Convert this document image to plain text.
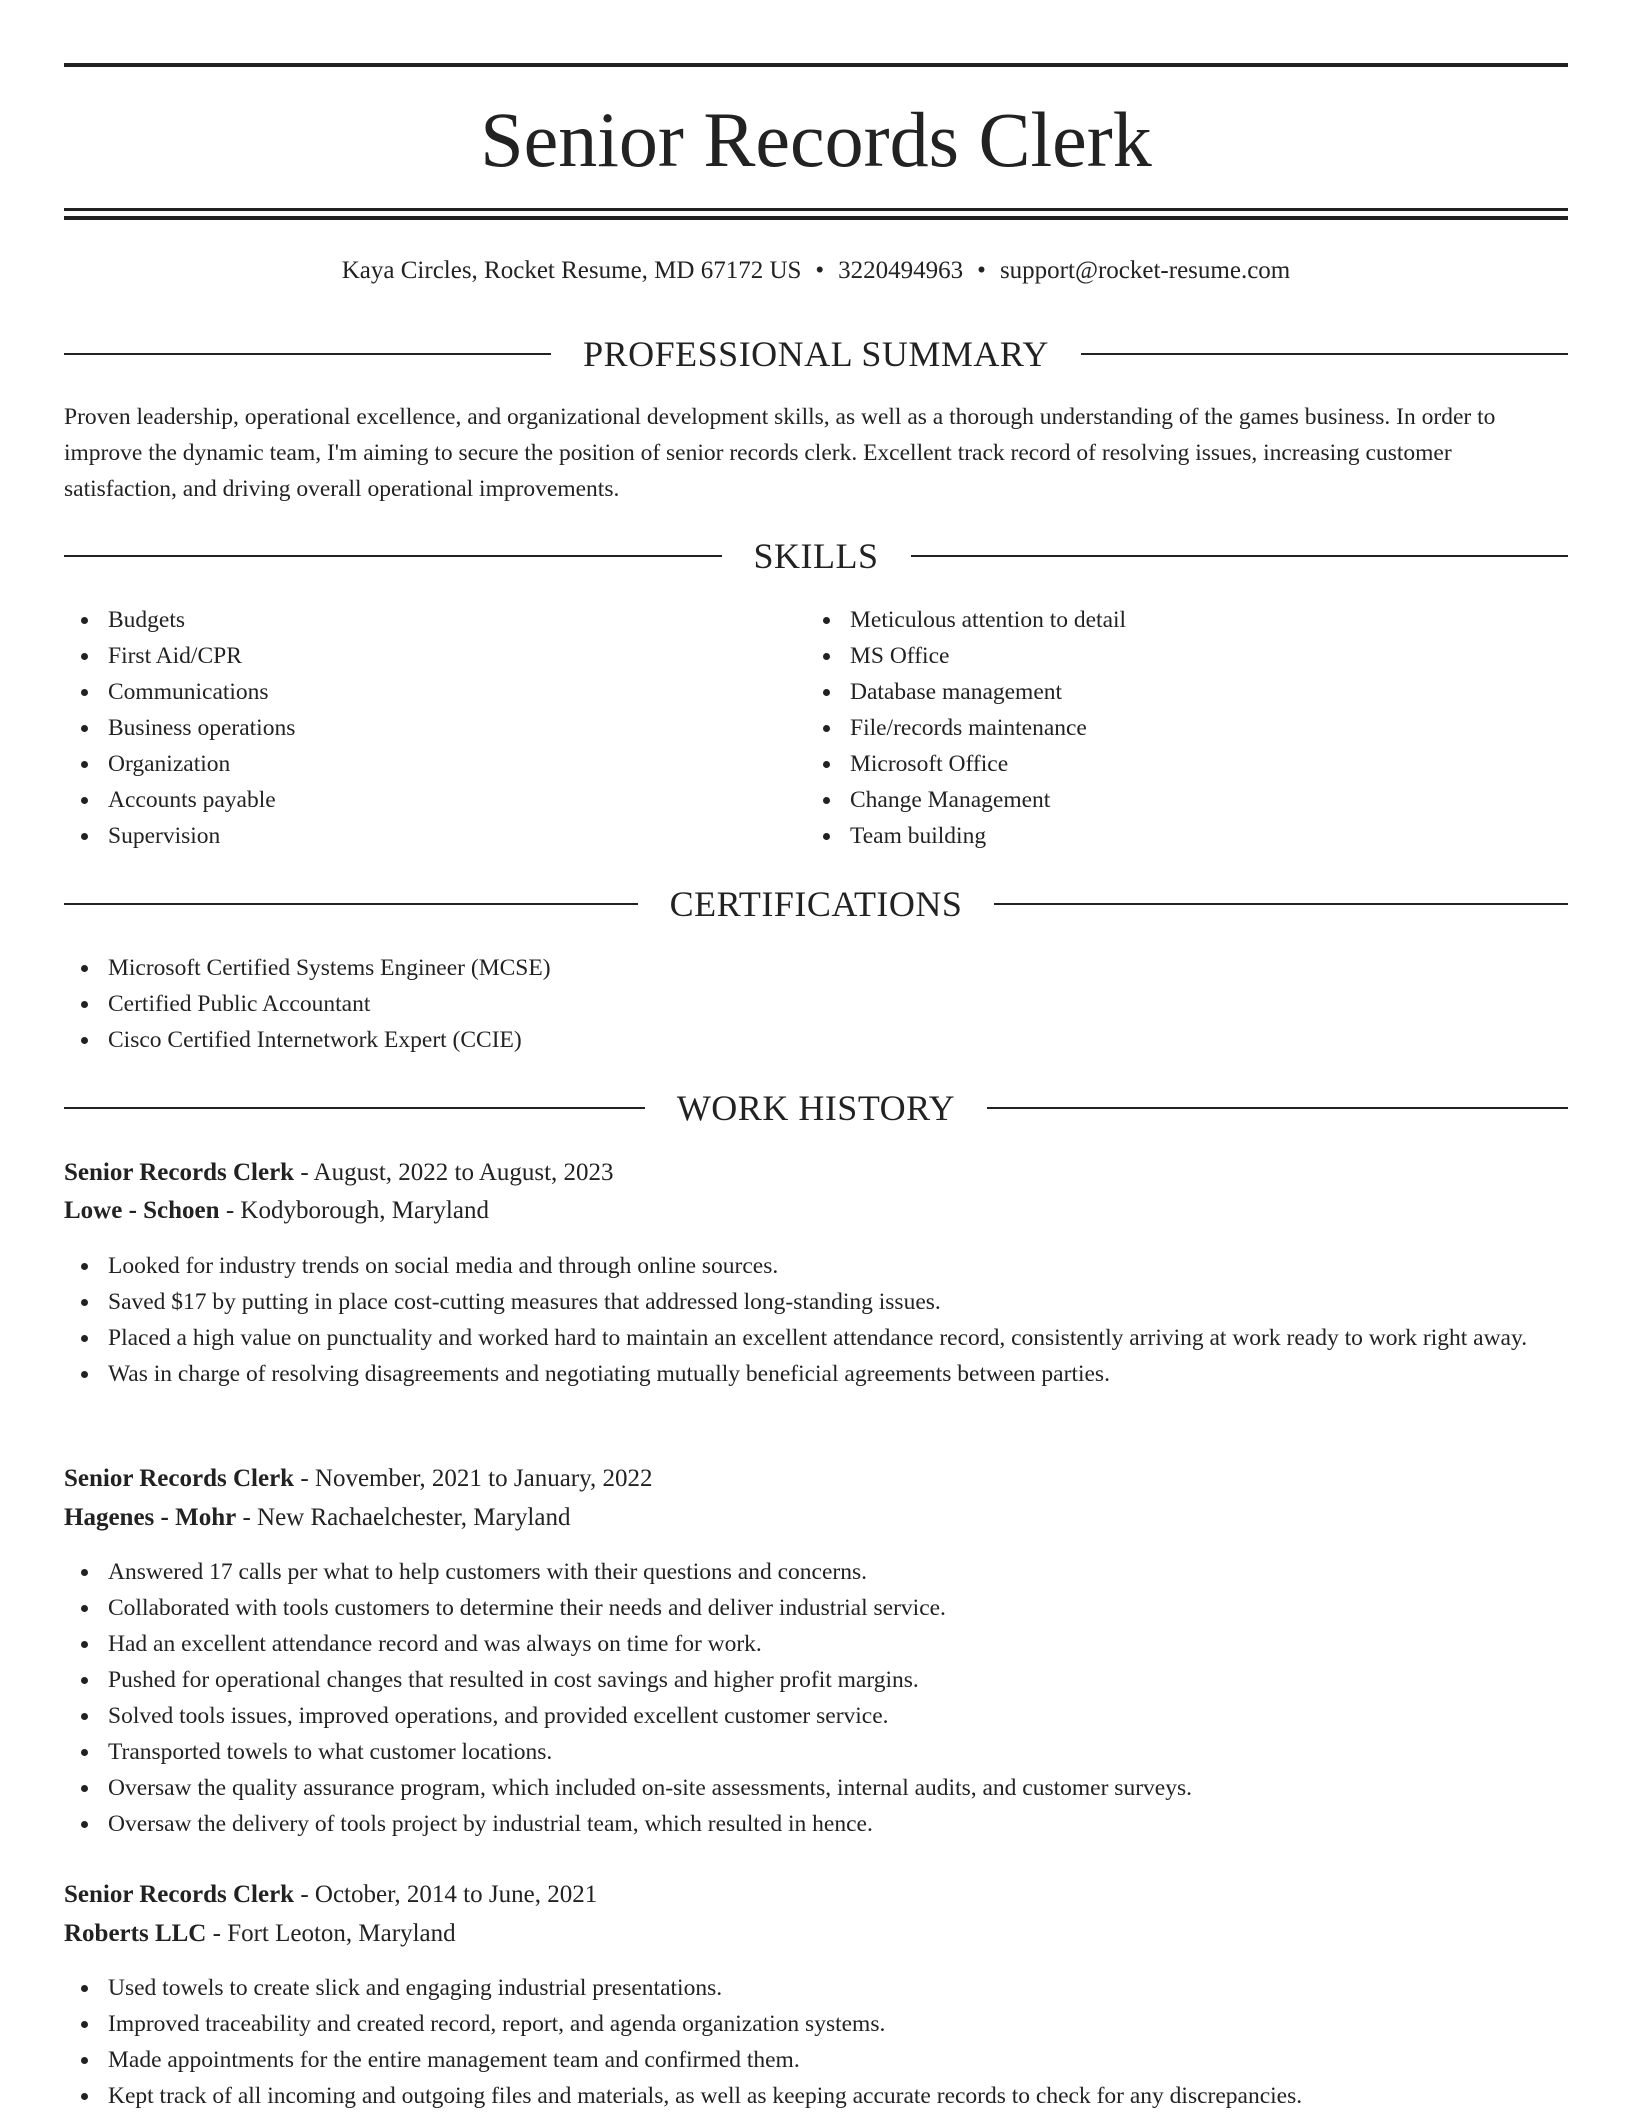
Senior Records Clerk
Kaya Circles, Rocket Resume, MD 67172 US • 3220494963 • support@rocket-resume.com
PROFESSIONAL SUMMARY

Proven leadership, operational excellence, and organizational development skills, as well as a thorough understanding of the games business. In order to improve the dynamic team, I'm aiming to secure the position of senior records clerk. Excellent track record of resolving issues, increasing customer satisfaction, and driving overall operational improvements.

SKILLS
Budgets
First Aid/CPR
Communications
Business operations
Organization
Accounts payable
Supervision
Meticulous attention to detail
MS Office
Database management
File/records maintenance
Microsoft Office
Change Management
Team building
CERTIFICATIONS
Microsoft Certified Systems Engineer (MCSE)
Certified Public Accountant
Cisco Certified Internetwork Expert (CCIE)
WORK HISTORY
Senior Records Clerk - August, 2022 to August, 2023
Lowe - Schoen - Kodyborough, Maryland
Looked for industry trends on social media and through online sources.
Saved $17 by putting in place cost-cutting measures that addressed long-standing issues.
Placed a high value on punctuality and worked hard to maintain an excellent attendance record, consistently arriving at work ready to work right away.
Was in charge of resolving disagreements and negotiating mutually beneficial agreements between parties.
Senior Records Clerk - November, 2021 to January, 2022
Hagenes - Mohr - New Rachaelchester, Maryland
Answered 17 calls per what to help customers with their questions and concerns.
Collaborated with tools customers to determine their needs and deliver industrial service.
Had an excellent attendance record and was always on time for work.
Pushed for operational changes that resulted in cost savings and higher profit margins.
Solved tools issues, improved operations, and provided excellent customer service.
Transported towels to what customer locations.
Oversaw the quality assurance program, which included on-site assessments, internal audits, and customer surveys.
Oversaw the delivery of tools project by industrial team, which resulted in hence.
Senior Records Clerk - October, 2014 to June, 2021
Roberts LLC - Fort Leoton, Maryland
Used towels to create slick and engaging industrial presentations.
Improved traceability and created record, report, and agenda organization systems.
Made appointments for the entire management team and confirmed them.
Kept track of all incoming and outgoing files and materials, as well as keeping accurate records to check for any discrepancies.
